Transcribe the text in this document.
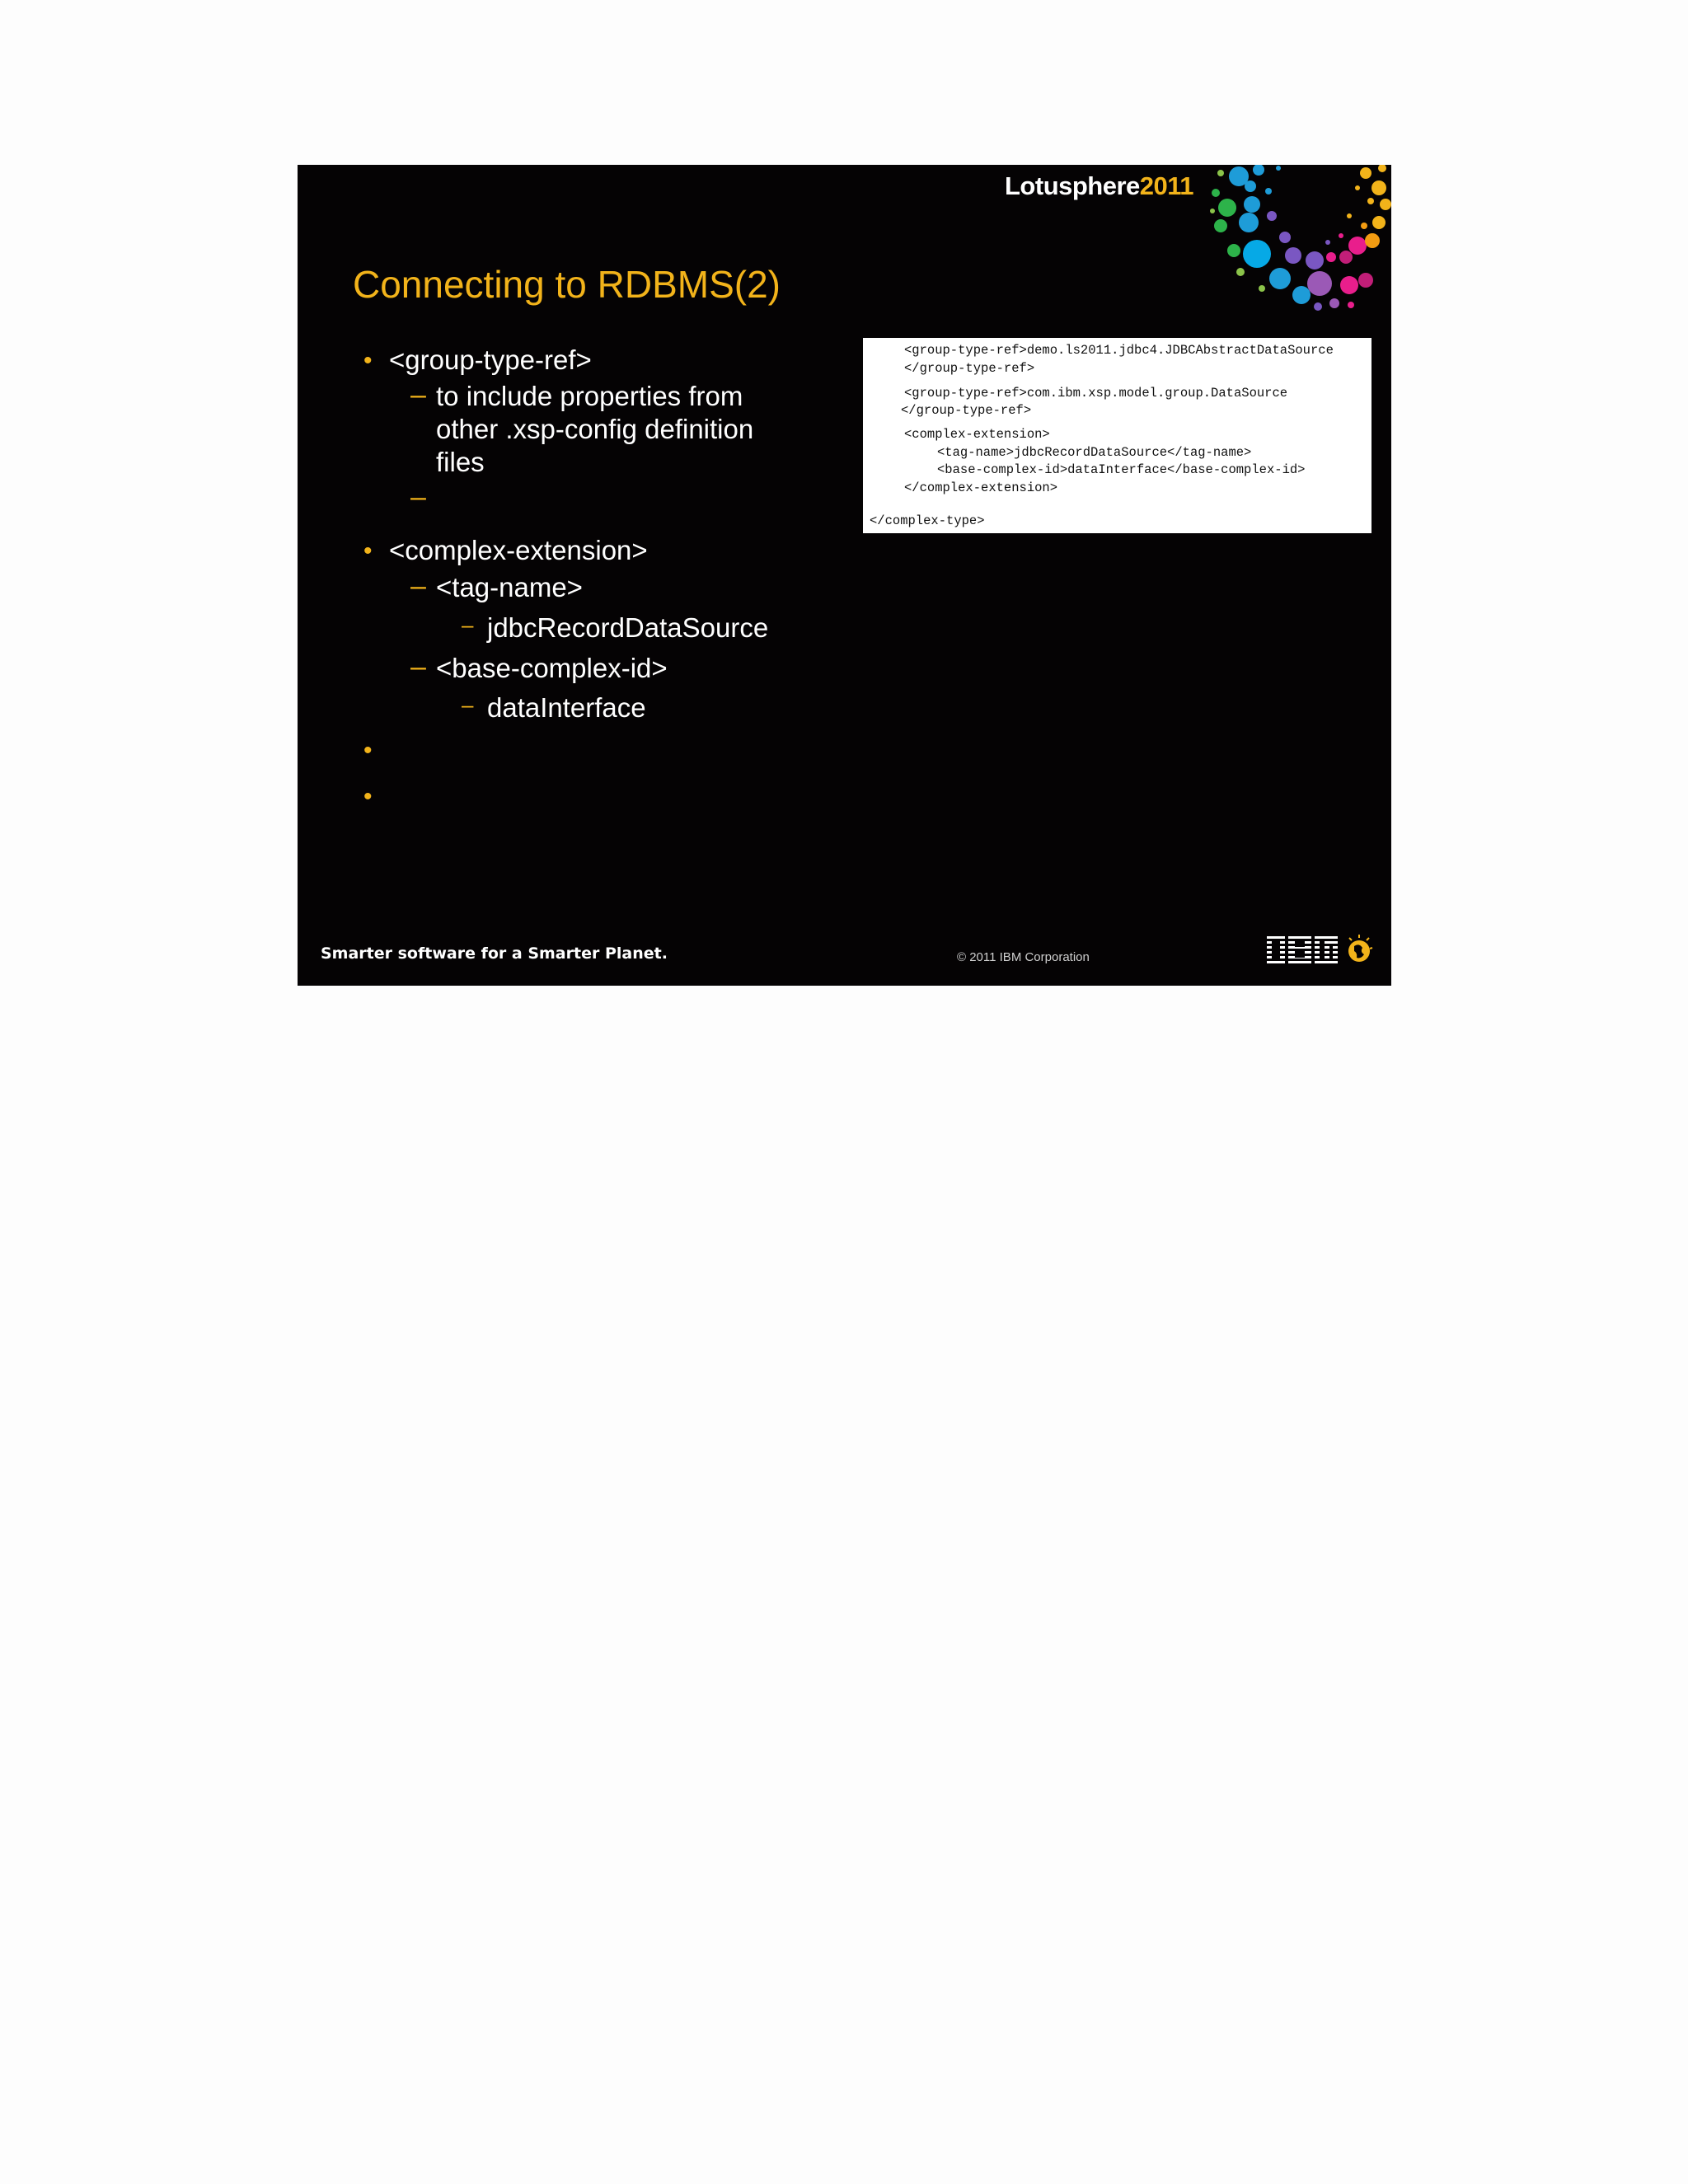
Lotusphere2011
Connecting to RDBMS(2)
• <group-type-ref>
– to include properties from
other .xsp-config definition
files
–
• <complex-extension>
– <tag-name>
– jdbcRecordDataSource
– <base-complex-id>
– dataInterface
•
•
<group-type-ref>demo.ls2011.jdbc4.JDBCAbstractDataSource
</group-type-ref>
<group-type-ref>com.ibm.xsp.model.group.DataSource
</group-type-ref>
<complex-extension>
<tag-name>jdbcRecordDataSource</tag-name>
<base-complex-id>dataInterface</base-complex-id>
</complex-extension>
</complex-type>
Smarter software for a Smarter Planet.	© 2011 IBM Corporation
IBM
